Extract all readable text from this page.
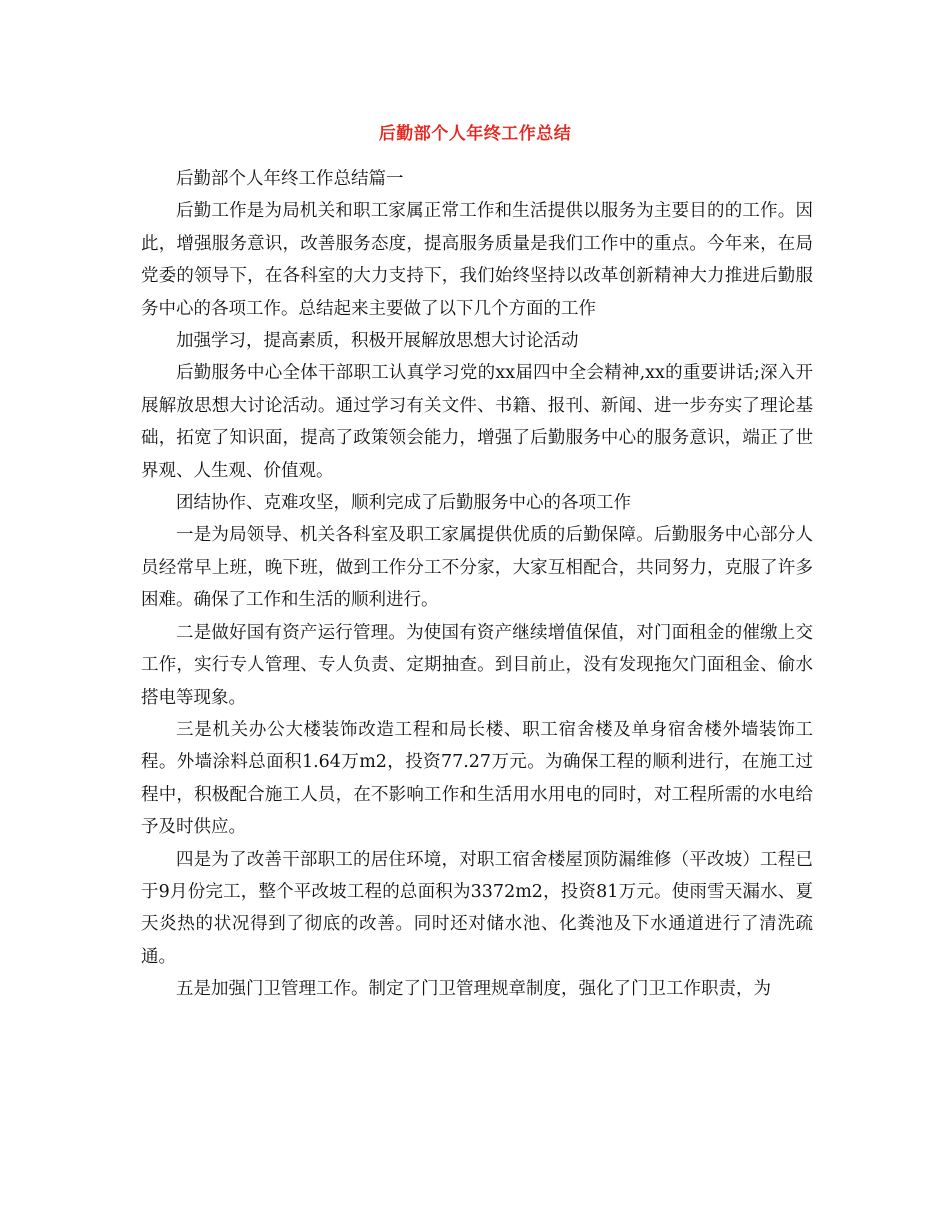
后勤部个人年终工作总结

后勤部个人年终工作总结篇一

后勤工作是为局机关和职工家属正常工作和生活提供以服务为主要目的的工作。因此，增强服务意识，改善服务态度，提高服务质量是我们工作中的重点。今年来，在局党委的领导下，在各科室的大力支持下，我们始终坚持以改革创新精神大力推进后勤服务中心的各项工作。总结起来主要做了以下几个方面的工作

加强学习，提高素质，积极开展解放思想大讨论活动

后勤服务中心全体干部职工认真学习党的xx届四中全会精神,xx的重要讲话;深入开展解放思想大讨论活动。通过学习有关文件、书籍、报刊、新闻、进一步夯实了理论基础，拓宽了知识面，提高了政策领会能力，增强了后勤服务中心的服务意识，端正了世界观、人生观、价值观。

团结协作、克难攻坚，顺利完成了后勤服务中心的各项工作

一是为局领导、机关各科室及职工家属提供优质的后勤保障。后勤服务中心部分人员经常早上班，晚下班，做到工作分工不分家，大家互相配合，共同努力，克服了许多困难。确保了工作和生活的顺利进行。

二是做好国有资产运行管理。为使国有资产继续增值保值，对门面租金的催缴上交工作，实行专人管理、专人负责、定期抽查。到目前止，没有发现拖欠门面租金、偷水搭电等现象。

三是机关办公大楼装饰改造工程和局长楼、职工宿舍楼及单身宿舍楼外墙装饰工程。外墙涂料总面积1.64万m2，投资77.27万元。为确保工程的顺利进行，在施工过程中，积极配合施工人员，在不影响工作和生活用水用电的同时，对工程所需的水电给予及时供应。

四是为了改善干部职工的居住环境，对职工宿舍楼屋顶防漏维修（平改坡）工程已于9月份完工，整个平改坡工程的总面积为3372m2，投资81万元。使雨雪天漏水、夏天炎热的状况得到了彻底的改善。同时还对储水池、化粪池及下水通道进行了清洗疏通。

五是加强门卫管理工作。制定了门卫管理规章制度，强化了门卫工作职责，为
